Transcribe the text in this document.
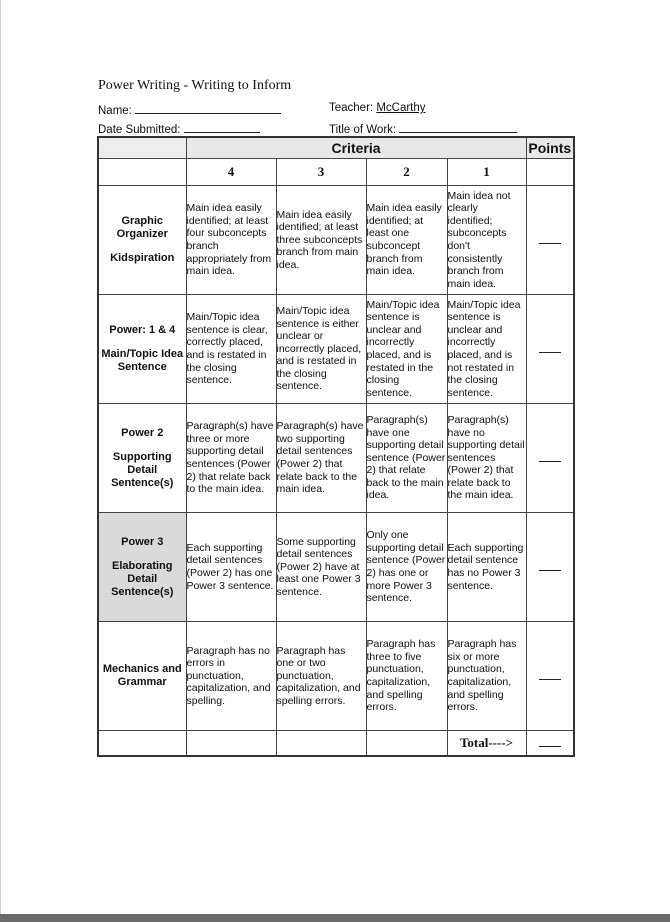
Power Writing - Writing to Inform
Name:	Teacher: McCarthy
Date Submitted:	Title of Work:
	Criteria				Points
	4	3	2	1	
Graphic Organizer
Kidspiration	Main idea easily identified; at least four subconcepts branch appropriately from main idea.	Main idea easily identified; at least three subconcepts branch from main idea.	Main idea easily identified; at least one subconcept branch from main idea.	Main idea not clearly identified; subconcepts don't consistently branch from main idea.	
Power: 1 & 4
Main/Topic Idea Sentence	Main/Topic idea sentence is clear, correctly placed, and is restated in the closing sentence.	Main/Topic idea sentence is either unclear or incorrectly placed, and is restated in the closing sentence.	Main/Topic idea sentence is unclear and incorrectly placed, and is restated in the closing sentence.	Main/Topic idea sentence is unclear and incorrectly placed, and is not restated in the closing sentence.	
Power 2
Supporting Detail Sentence(s)	Paragraph(s) have three or more supporting detail sentences (Power 2) that relate back to the main idea.	Paragraph(s) have two supporting detail sentences (Power 2) that relate back to the main idea.	Paragraph(s) have one supporting detail sentence (Power 2) that relate back to the main idea.	Paragraph(s) have no supporting detail sentences (Power 2) that relate back to the main idea.	
Power 3
Elaborating Detail Sentence(s)	Each supporting detail sentences (Power 2) has one Power 3 sentence.	Some supporting detail sentences (Power 2) have at least one Power 3 sentence.	Only one supporting detail sentence (Power 2) has one or more Power 3 sentence.	Each supporting detail sentence has no Power 3 sentence.	
Mechanics and Grammar	Paragraph has no errors in punctuation, capitalization, and spelling.	Paragraph has one or two punctuation, capitalization, and spelling errors.	Paragraph has three to five punctuation, capitalization, and spelling errors.	Paragraph has six or more punctuation, capitalization, and spelling errors.	
				Total---->	
